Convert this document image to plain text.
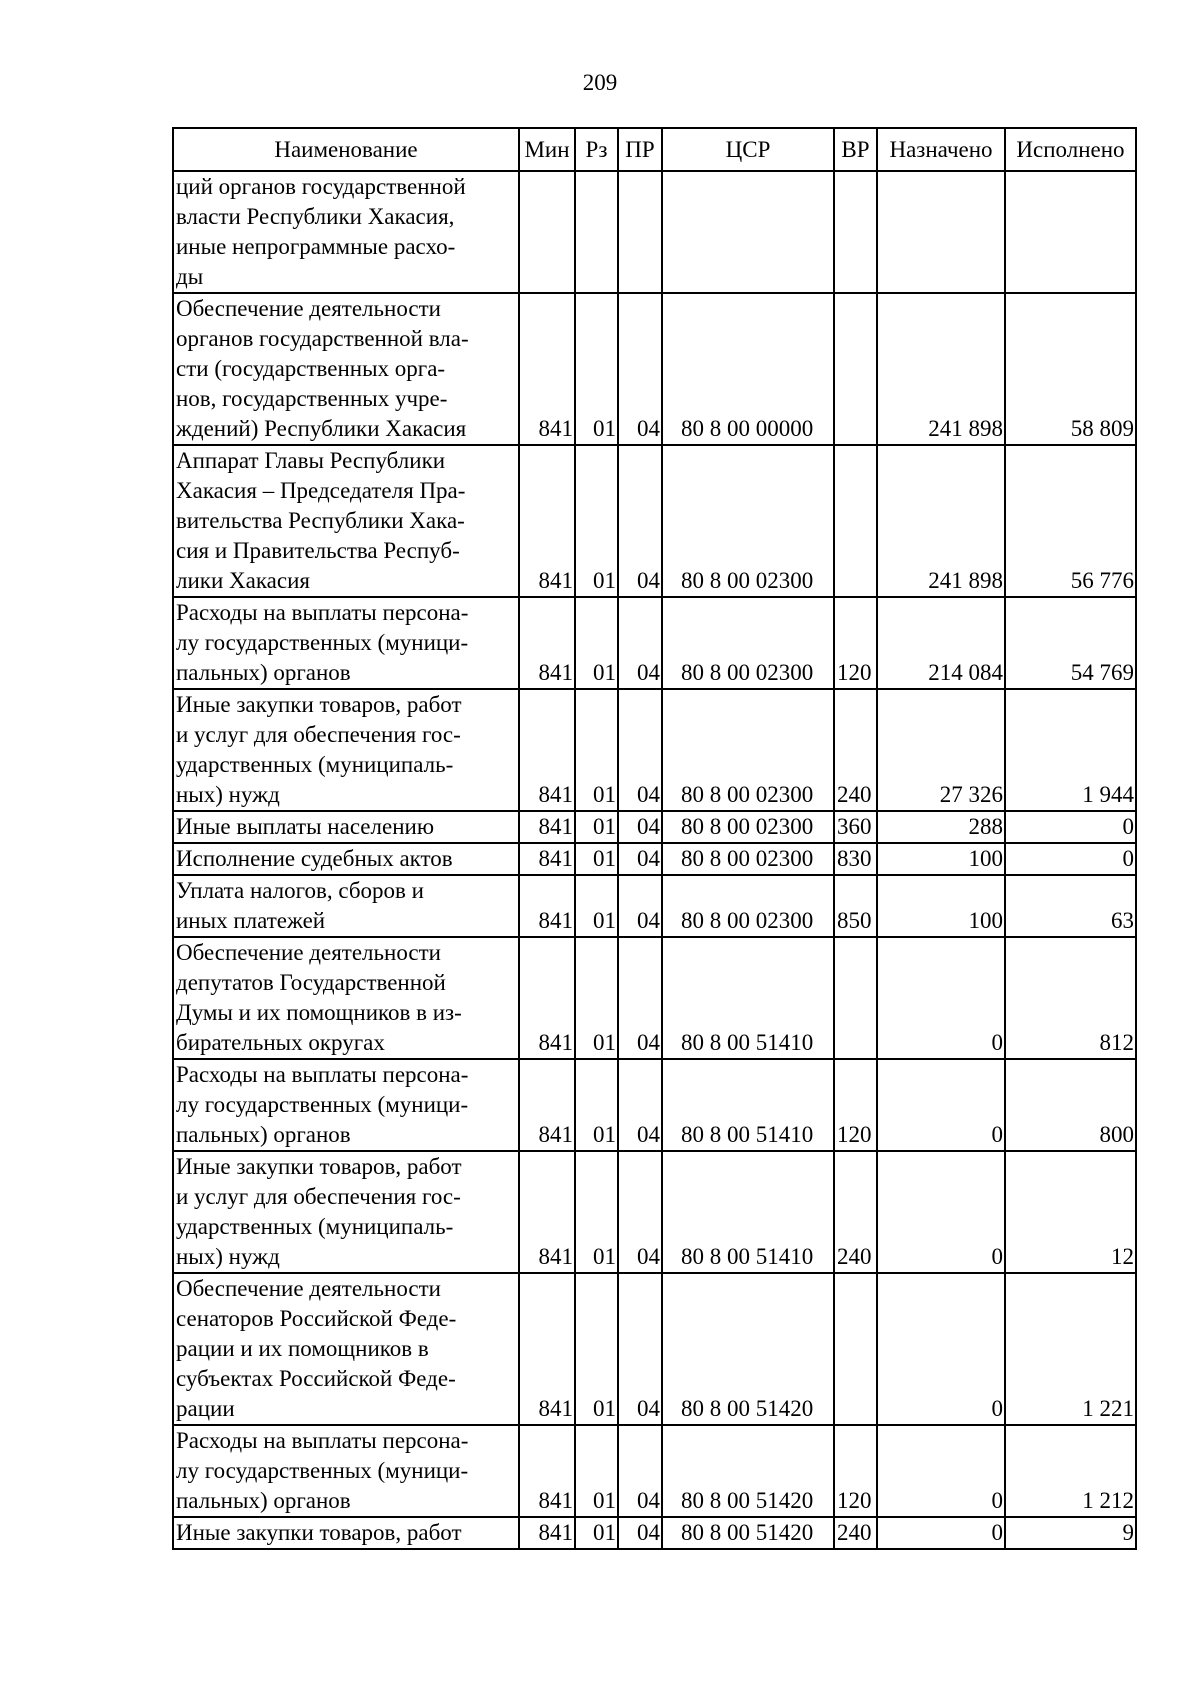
209
Наименование	Мин	Рз	ПР	ЦСР	ВР	Назначено	Исполнено

ций органов государственной
власти Республики Хакасия,
иные непрограммные расхо-
ды							

Обеспечение деятельности
органов государственной вла-
сти (государственных орга-
нов, государственных учре-
ждений) Республики Хакасия	841	01	04	80 8 00 00000		241 898	58 809

Аппарат Главы Республики
Хакасия – Председателя Пра-
вительства Республики Хака-
сия и Правительства Респуб-
лики Хакасия	841	01	04	80 8 00 02300		241 898	56 776

Расходы на выплаты персона-
лу государственных (муници-
пальных) органов	841	01	04	80 8 00 02300	120	214 084	54 769

Иные закупки товаров, работ
и услуг для обеспечения гос-
ударственных (муниципаль-
ных) нужд	841	01	04	80 8 00 02300	240	27 326	1 944

Иные выплаты населению	841	01	04	80 8 00 02300	360	288	0

Исполнение судебных актов	841	01	04	80 8 00 02300	830	100	0

Уплата налогов, сборов и
иных платежей	841	01	04	80 8 00 02300	850	100	63

Обеспечение деятельности
депутатов Государственной
Думы и их помощников в из-
бирательных округах	841	01	04	80 8 00 51410		0	812

Расходы на выплаты персона-
лу государственных (муници-
пальных) органов	841	01	04	80 8 00 51410	120	0	800

Иные закупки товаров, работ
и услуг для обеспечения гос-
ударственных (муниципаль-
ных) нужд	841	01	04	80 8 00 51410	240	0	12

Обеспечение деятельности
сенаторов Российской Феде-
рации и их помощников в
субъектах Российской Феде-
рации	841	01	04	80 8 00 51420		0	1 221

Расходы на выплаты персона-
лу государственных (муници-
пальных) органов	841	01	04	80 8 00 51420	120	0	1 212

Иные закупки товаров, работ	841	01	04	80 8 00 51420	240	0	9
